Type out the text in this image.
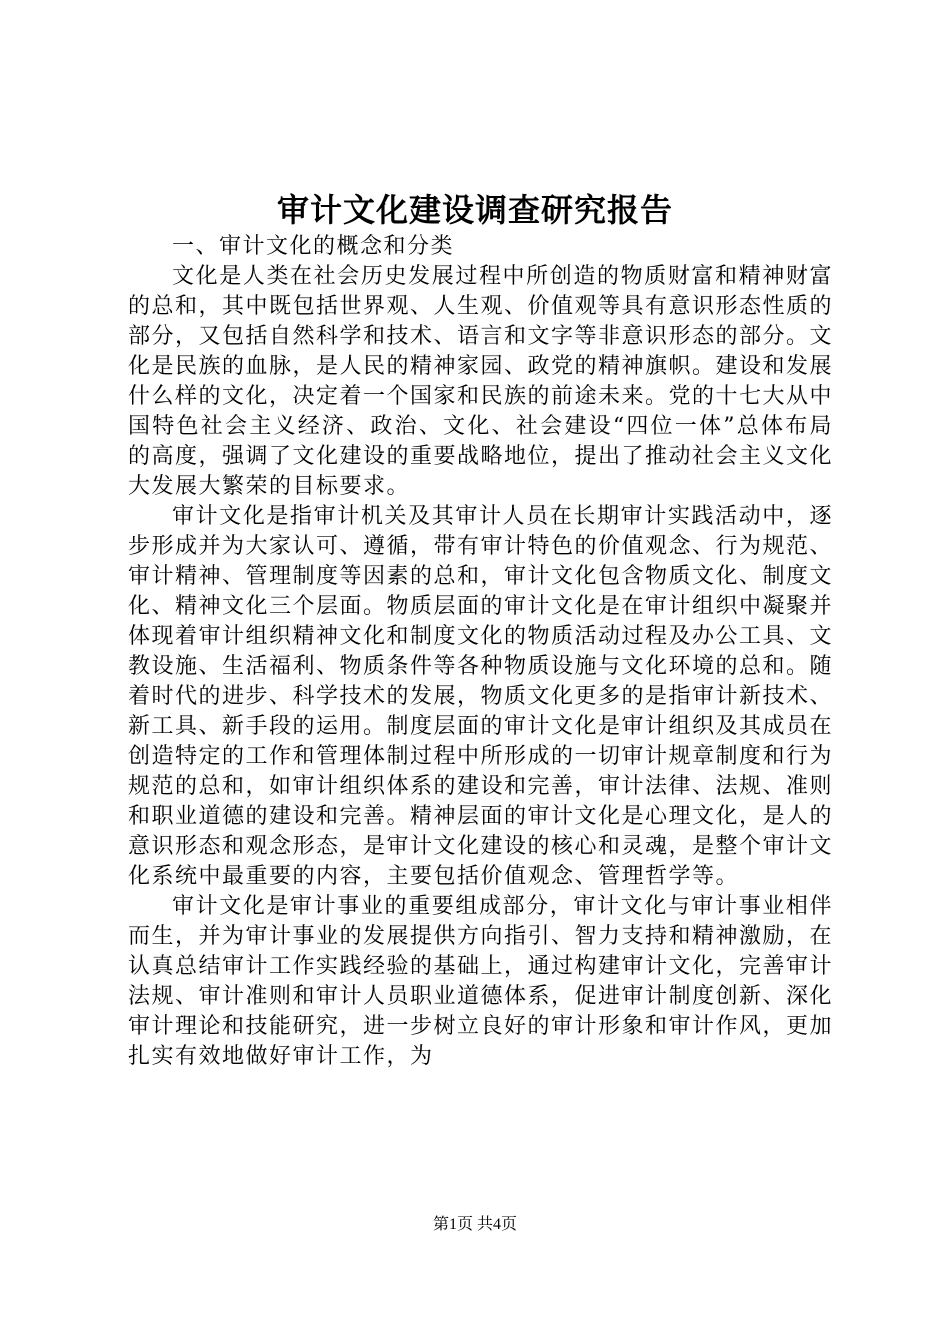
审计文化建设调查研究报告

一、审计文化的概念和分类

文化是人类在社会历史发展过程中所创造的物质财富和精神财富的总和，其中既包括世界观、人生观、价值观等具有意识形态性质的部分，又包括自然科学和技术、语言和文字等非意识形态的部分。文化是民族的血脉，是人民的精神家园、政党的精神旗帜。建设和发展什么样的文化，决定着一个国家和民族的前途未来。党的十七大从中国特色社会主义经济、政治、文化、社会建设“四位一体”总体布局的高度，强调了文化建设的重要战略地位，提出了推动社会主义文化大发展大繁荣的目标要求。

审计文化是指审计机关及其审计人员在长期审计实践活动中，逐步形成并为大家认可、遵循，带有审计特色的价值观念、行为规范、审计精神、管理制度等因素的总和，审计文化包含物质文化、制度文化、精神文化三个层面。物质层面的审计文化是在审计组织中凝聚并体现着审计组织精神文化和制度文化的物质活动过程及办公工具、文教设施、生活福利、物质条件等各种物质设施与文化环境的总和。随着时代的进步、科学技术的发展，物质文化更多的是指审计新技术、新工具、新手段的运用。制度层面的审计文化是审计组织及其成员在创造特定的工作和管理体制过程中所形成的一切审计规章制度和行为规范的总和，如审计组织体系的建设和完善，审计法律、法规、准则和职业道德的建设和完善。精神层面的审计文化是心理文化，是人的意识形态和观念形态，是审计文化建设的核心和灵魂，是整个审计文化系统中最重要的内容，主要包括价值观念、管理哲学等。

审计文化是审计事业的重要组成部分，审计文化与审计事业相伴而生，并为审计事业的发展提供方向指引、智力支持和精神激励，在认真总结审计工作实践经验的基础上，通过构建审计文化，完善审计法规、审计准则和审计人员职业道德体系，促进审计制度创新、深化审计理论和技能研究，进一步树立良好的审计形象和审计作风，更加扎实有效地做好审计工作，为

第1页 共4页
